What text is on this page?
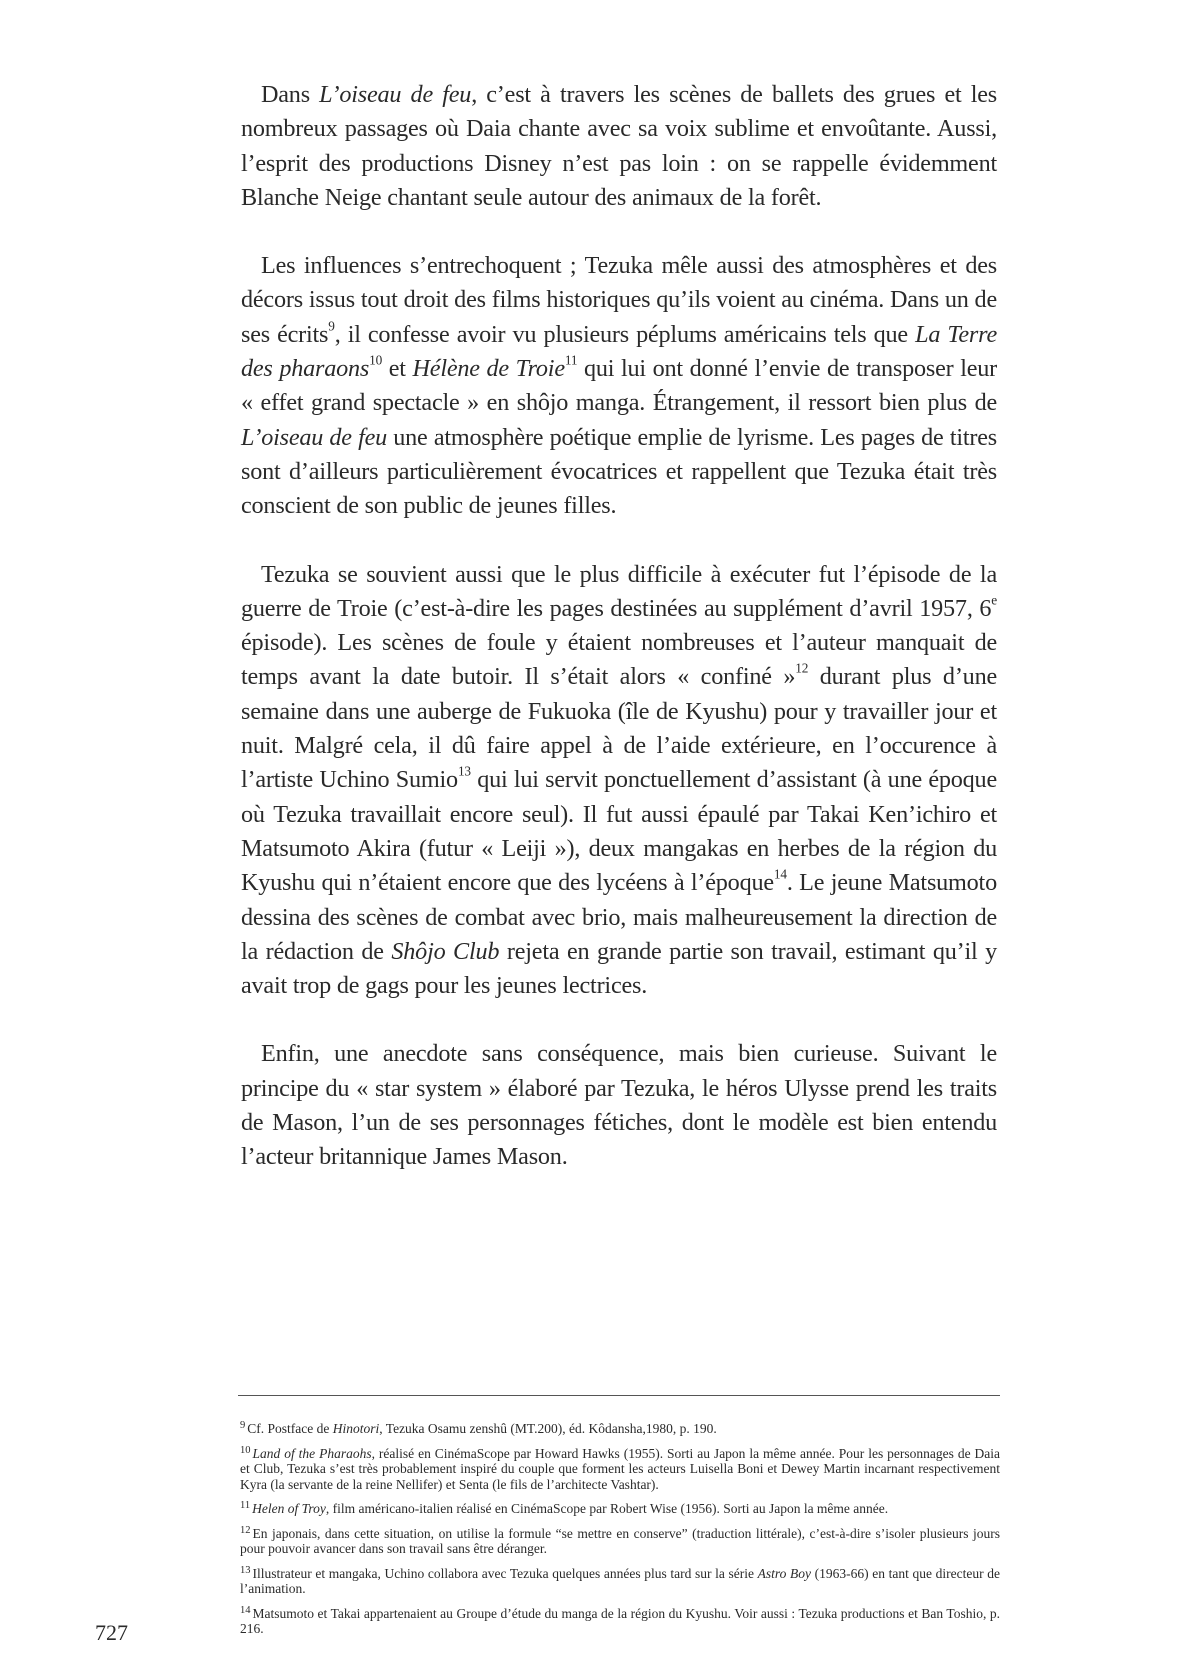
Dans L’oiseau de feu, c’est à travers les scènes de ballets des grues et les nombreux passages où Daia chante avec sa voix sublime et envoûtante. Aussi, l’esprit des productions Disney n’est pas loin : on se rappelle évidemment Blanche Neige chantant seule autour des animaux de la forêt.

Les influences s’entrechoquent ; Tezuka mêle aussi des atmosphères et des décors issus tout droit des films historiques qu’ils voient au cinéma. Dans un de ses écrits$^9$, il confesse avoir vu plusieurs péplums américains tels que La Terre des pharaons$^{10}$ et Hélène de Troie$^{11}$ qui lui ont donné l’envie de transposer leur « effet grand spectacle » en shôjo manga. Étrangement, il ressort bien plus de L’oiseau de feu une atmosphère poétique emplie de lyrisme. Les pages de titres sont d’ailleurs particulièrement évocatrices et rappellent que Tezuka était très conscient de son public de jeunes filles.

Tezuka se souvient aussi que le plus difficile à exécuter fut l’épisode de la guerre de Troie (c’est-à-dire les pages destinées au supplément d’avril 1957, 6e épisode). Les scènes de foule y étaient nombreuses et l’auteur manquait de temps avant la date butoir. Il s’était alors « confiné »$^{12}$ durant plus d’une semaine dans une auberge de Fukuoka (île de Kyushu) pour y travailler jour et nuit. Malgré cela, il dû faire appel à de l’aide extérieure, en l’occurence à l’artiste Uchino Sumio$^{13}$ qui lui servit ponctuellement d’assistant (à une époque où Tezuka travaillait encore seul). Il fut aussi épaulé par Takai Ken’ichiro et Matsumoto Akira (futur « Leiji »), deux mangakas en herbes de la région du Kyushu qui n’étaient encore que des lycéens à l’époque$^{14}$. Le jeune Matsumoto dessina des scènes de combat avec brio, mais malheureusement la direction de la rédaction de Shôjo Club rejeta en grande partie son travail, estimant qu’il y avait trop de gags pour les jeunes lectrices.

Enfin, une anecdote sans conséquence, mais bien curieuse. Suivant le principe du « star system » élaboré par Tezuka, le héros Ulysse prend les traits de Mason, l’un de ses personnages fétiches, dont le modèle est bien entendu l’acteur britannique James Mason.

$^9$ Cf. Postface de Hinotori, Tezuka Osamu zenshû (MT.200), éd. Kôdansha,1980, p. 190.

$^{10}$ Land of the Pharaohs, réalisé en CinémaScope par Howard Hawks (1955). Sorti au Japon la même année. Pour les personnages de Daia et Club, Tezuka s’est très probablement inspiré du couple que forment les acteurs Luisella Boni et Dewey Martin incarnant respectivement Kyra (la servante de la reine Nellifer) et Senta (le fils de l’architecte Vashtar).

$^{11}$ Helen of Troy, film américano-italien réalisé en CinémaScope par Robert Wise (1956). Sorti au Japon la même année.

$^{12}$ En japonais, dans cette situation, on utilise la formule “se mettre en conserve” (traduction littérale), c’est-à-dire s’isoler plusieurs jours pour pouvoir avancer dans son travail sans être déranger.

$^{13}$ Illustrateur et mangaka, Uchino collabora avec Tezuka quelques années plus tard sur la série Astro Boy (1963-66) en tant que directeur de l’animation.

$^{14}$ Matsumoto et Takai appartenaient au Groupe d’étude du manga de la région du Kyushu. Voir aussi : Tezuka productions et Ban Toshio, p. 216.

727
